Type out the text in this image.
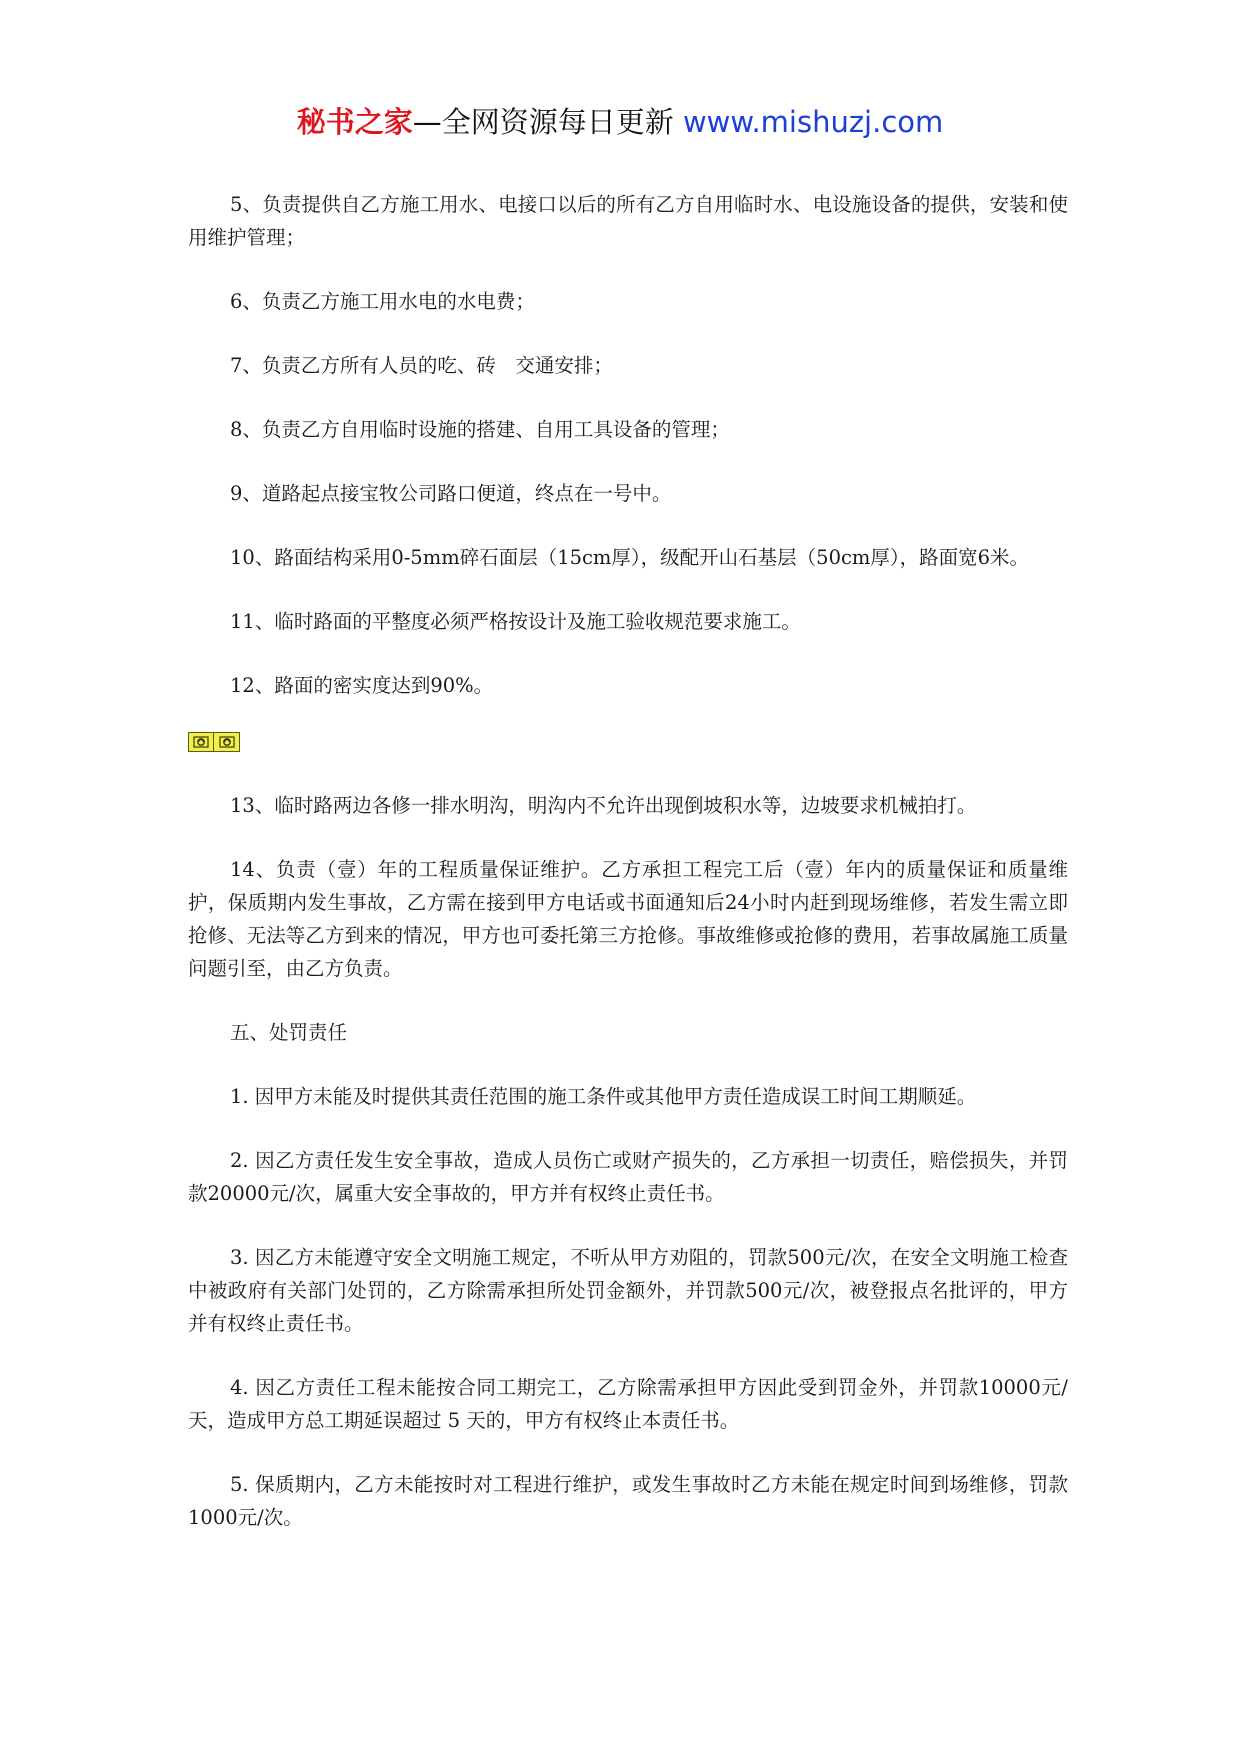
秘书之家—全网资源每日更新 www.mishuzj.com

5、负责提供自乙方施工用水、电接口以后的所有乙方自用临时水、电设施设备的提供，安装和使用维护管理；

6、负责乙方施工用水电的水电费；

7、负责乙方所有人员的吃、砖　交通安排；

8、负责乙方自用临时设施的搭建、自用工具设备的管理；

9、道路起点接宝牧公司路口便道，终点在一号中。

10、路面结构采用0-5mm碎石面层（15cm厚），级配开山石基层（50cm厚），路面宽6米。

11、临时路面的平整度必须严格按设计及施工验收规范要求施工。

12、路面的密实度达到90%。

13、临时路两边各修一排水明沟，明沟内不允许出现倒坡积水等，边坡要求机械拍打。

14、负责（壹）年的工程质量保证维护。乙方承担工程完工后（壹）年内的质量保证和质量维护，保质期内发生事故，乙方需在接到甲方电话或书面通知后24小时内赶到现场维修，若发生需立即抢修、无法等乙方到来的情况，甲方也可委托第三方抢修。事故维修或抢修的费用，若事故属施工质量问题引至，由乙方负责。

五、处罚责任

1. 因甲方未能及时提供其责任范围的施工条件或其他甲方责任造成误工时间工期顺延。

2. 因乙方责任发生安全事故，造成人员伤亡或财产损失的，乙方承担一切责任，赔偿损失，并罚款20000元/次，属重大安全事故的，甲方并有权终止责任书。

3. 因乙方未能遵守安全文明施工规定，不听从甲方劝阻的，罚款500元/次，在安全文明施工检查中被政府有关部门处罚的，乙方除需承担所处罚金额外，并罚款500元/次，被登报点名批评的，甲方并有权终止责任书。

4. 因乙方责任工程未能按合同工期完工，乙方除需承担甲方因此受到罚金外，并罚款10000元/天，造成甲方总工期延误超过 5 天的，甲方有权终止本责任书。

5. 保质期内，乙方未能按时对工程进行维护，或发生事故时乙方未能在规定时间到场维修，罚款1000元/次。
